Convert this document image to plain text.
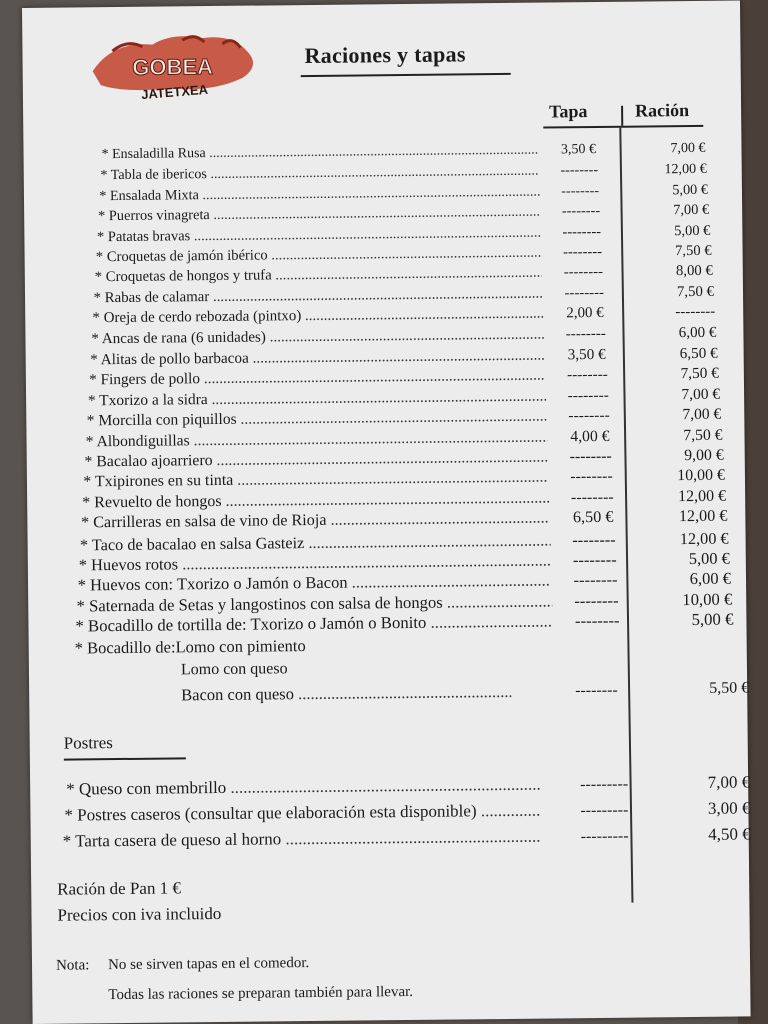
GOBEA
JATETXEA
Raciones y tapas
Tapa	Ración
* Ensaladilla Rusa .....	3,50 €	7,00 €
* Tabla de ibericos .....	--------	12,00 €
* Ensalada Mixta .....	--------	5,00 €
* Puerros vinagreta .....	--------	7,00 €
* Patatas bravas .....	--------	5,00 €
* Croquetas de jamón ibérico .....	--------	7,50 €
* Croquetas de hongos y trufa .....	--------	8,00 €
* Rabas de calamar .....	--------	7,50 €
* Oreja de cerdo rebozada (pintxo) .....	2,00 €	--------
* Ancas de rana (6 unidades) .....	--------	6,00 €
* Alitas de pollo barbacoa .....	3,50 €	6,50 €
* Fingers de pollo .....	--------	7,50 €
* Txorizo a la sidra .....	--------	7,00 €
* Morcilla con piquillos .....	--------	7,00 €
* Albondiguillas .....	4,00 €	7,50 €
* Bacalao ajoarriero .....	--------	9,00 €
* Txipirones en su tinta .....	--------	10,00 €
* Revuelto de hongos .....	--------	12,00 €
* Carrilleras en salsa de vino de Rioja .....	6,50 €	12,00 €
* Taco de bacalao en salsa Gasteiz .....	--------	12,00 €
* Huevos rotos .....	--------	5,00 €
* Huevos con: Txorizo o Jamón o Bacon .....	--------	6,00 €
* Saternada de Setas y langostinos con salsa de hongos .....	--------	10,00 €
* Bocadillo de tortilla de: Txorizo o Jamón o Bonito .....	--------	5,00 €
* Bocadillo de: Lomo con pimiento
Lomo con queso
Bacon con queso .....	--------	5,50 €
Postres
* Queso con membrillo .....	---------	7,00 €
* Postres caseros (consultar que elaboración esta disponible) .....	---------	3,00 €
* Tarta casera de queso al horno .....	---------	4,50 €
Ración de Pan 1 €
Precios con iva incluido
Nota: No se sirven tapas en el comedor.
Todas las raciones se preparan también para llevar.
